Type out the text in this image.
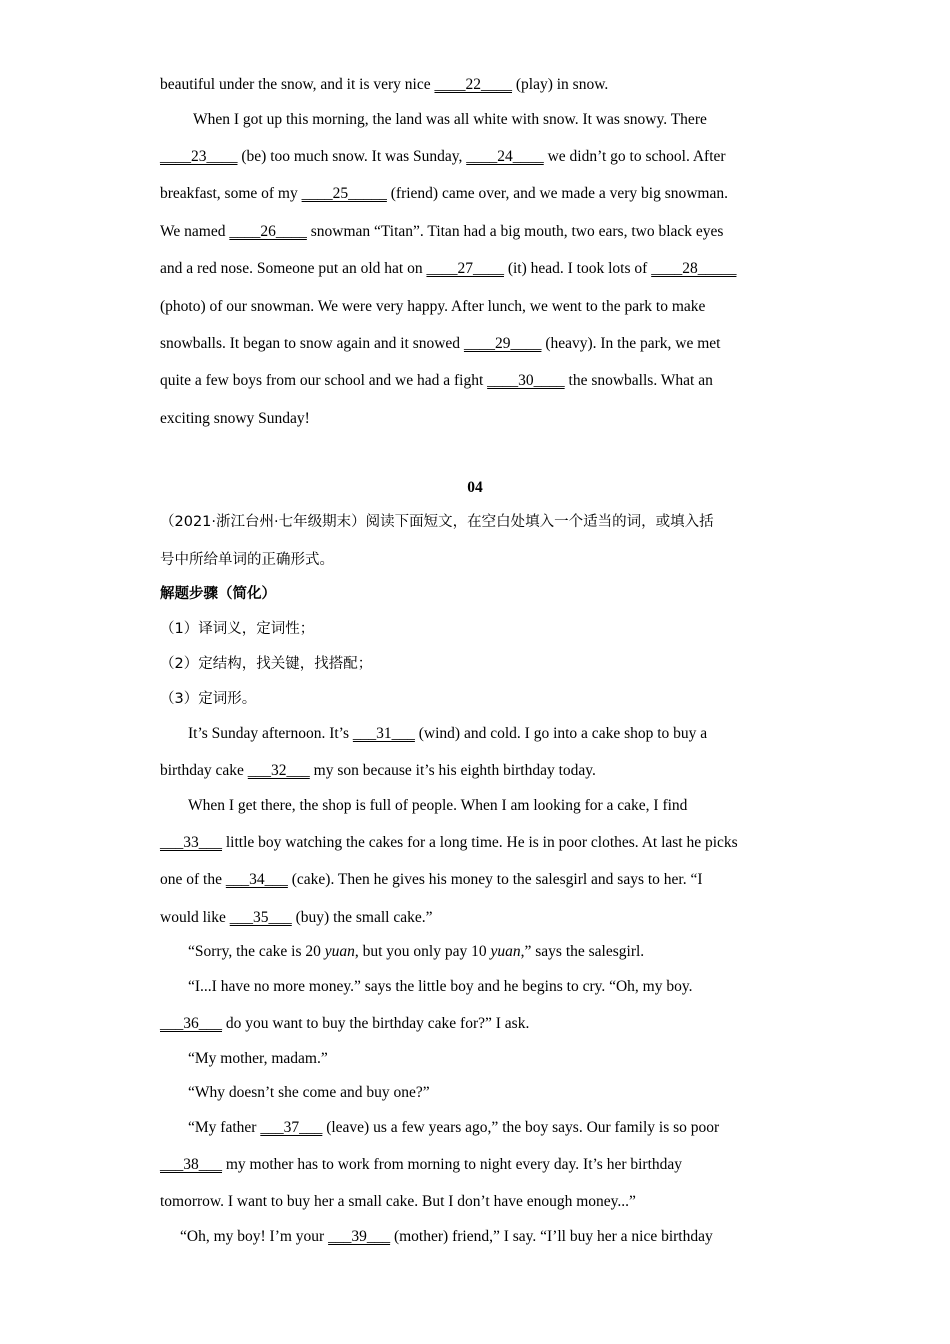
beautiful under the snow, and it is very nice ____22____ (play) in snow.
When I got up this morning, the land was all white with snow. It was snowy. There
____23____ (be) too much snow. It was Sunday, ____24____ we didn’t go to school. After
breakfast, some of my ____25_____ (friend) came over, and we made a very big snowman.
We named ____26____ snowman “Titan”. Titan had a big mouth, two ears, two black eyes
and a red nose. Someone put an old hat on ____27____ (it) head. I took lots of ____28_____
(photo) of our snowman. We were very happy. After lunch, we went to the park to make
snowballs. It began to snow again and it snowed ____29____ (heavy). In the park, we met
quite a few boys from our school and we had a fight ____30____ the snowballs. What an
exciting snowy Sunday!
04
（2021·浙江台州·七年级期末）阅读下面短文，在空白处填入一个适当的词，或填入括
号中所给单词的正确形式。
解题步骤（简化）
（1）译词义，定词性；
（2）定结构，找关键，找搭配；
（3）定词形。
It’s Sunday afternoon. It’s ___31___ (wind) and cold. I go into a cake shop to buy a
birthday cake ___32___ my son because it’s his eighth birthday today.
When I get there, the shop is full of people. When I am looking for a cake, I find
___33___ little boy watching the cakes for a long time. He is in poor clothes. At last he picks
one of the ___34___ (cake). Then he gives his money to the salesgirl and says to her. “I
would like ___35___ (buy) the small cake.”
“Sorry, the cake is 20 yuan, but you only pay 10 yuan,” says the salesgirl.
“I...I have no more money.” says the little boy and he begins to cry. “Oh, my boy.
___36___ do you want to buy the birthday cake for?” I ask.
“My mother, madam.”
“Why doesn’t she come and buy one?”
“My father ___37___ (leave) us a few years ago,” the boy says. Our family is so poor
___38___ my mother has to work from morning to night every day. It’s her birthday
tomorrow. I want to buy her a small cake. But I don’t have enough money...”
“Oh, my boy! I’m your ___39___ (mother) friend,” I say. “I’ll buy her a nice birthday
